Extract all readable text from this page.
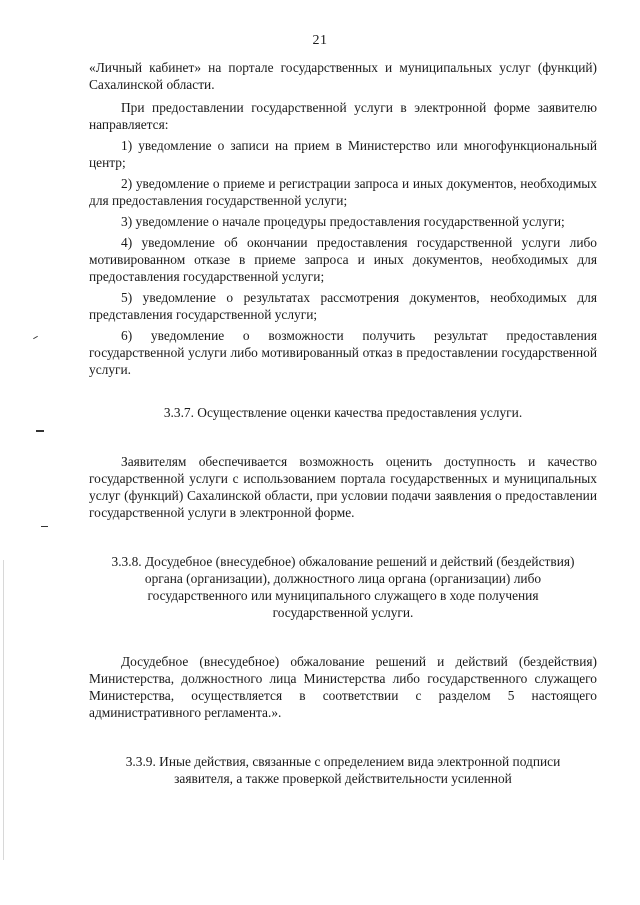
21

«Личный кабинет» на портале государственных и муниципальных услуг (функций) Сахалинской области.

При предоставлении государственной услуги в электронной форме заявителю направляется:

1) уведомление о записи на прием в Министерство или многофункциональный центр;

2) уведомление о приеме и регистрации запроса и иных документов, необходимых для предоставления государственной услуги;

3) уведомление о начале процедуры предоставления государственной услуги;

4) уведомление об окончании предоставления государственной услуги либо мотивированном отказе в приеме запроса и иных документов, необходимых для предоставления государственной услуги;

5) уведомление о результатах рассмотрения документов, необходимых для представления государственной услуги;

6) уведомление о возможности получить результат предоставления государственной услуги либо мотивированный отказ в предоставлении государственной услуги.

3.3.7. Осуществление оценки качества предоставления услуги.

Заявителям обеспечивается возможность оценить доступность и качество государственной услуги с использованием портала государственных и муниципальных услуг (функций) Сахалинской области, при условии подачи заявления о предоставлении государственной услуги в электронной форме.

3.3.8. Досудебное (внесудебное) обжалование решений и действий (бездействия) органа (организации), должностного лица органа (организации) либо государственного или муниципального служащего в ходе получения государственной услуги.

Досудебное (внесудебное) обжалование решений и действий (бездействия) Министерства, должностного лица Министерства либо государственного служащего Министерства, осуществляется в соответствии с разделом 5 настоящего административного регламента.».

3.3.9. Иные действия, связанные с определением вида электронной подписи заявителя, а также проверкой действительности усиленной
